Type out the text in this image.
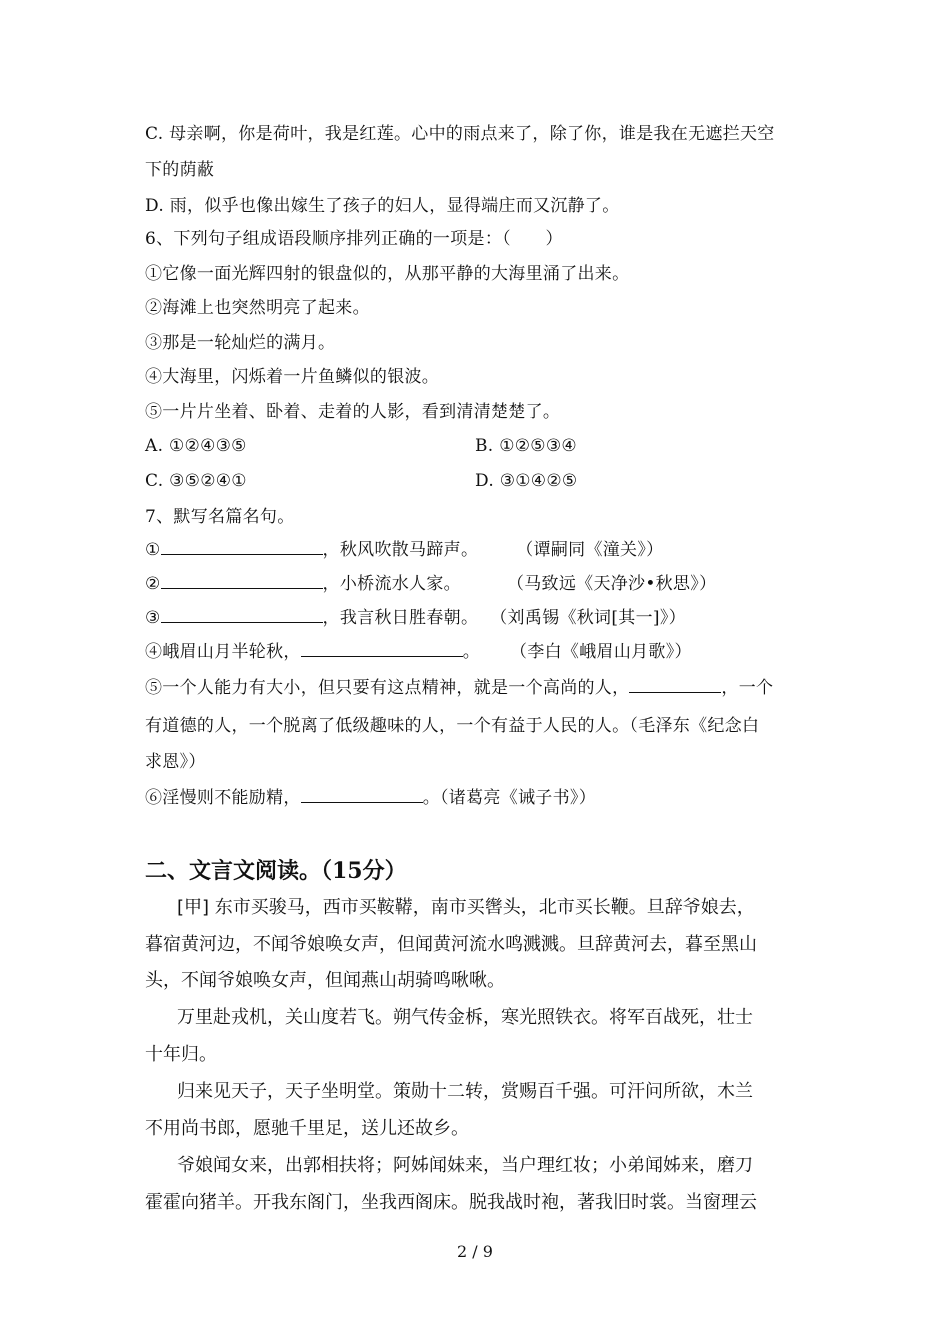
C. 母亲啊，你是荷叶，我是红莲。心中的雨点来了，除了你，谁是我在无遮拦天空
下的荫蔽
D. 雨，似乎也像出嫁生了孩子的妇人，显得端庄而又沉静了。
6、下列句子组成语段顺序排列正确的一项是：（　　）
①它像一面光辉四射的银盘似的，从那平静的大海里涌了出来。
②海滩上也突然明亮了起来。
③那是一轮灿烂的满月。
④大海里，闪烁着一片鱼鳞似的银波。
⑤一片片坐着、卧着、走着的人影，看到清清楚楚了。
A. ①②④③⑤	B. ①②⑤③④
C. ③⑤②④①	D. ③①④②⑤
7、默写名篇名句。
①	，秋风吹散马蹄声。 （谭嗣同《潼关》）
②	，小桥流水人家。	（马致远《天净沙•秋思》）
③	，我言秋日胜春朝。 （刘禹锡《秋词[其一]》）
④峨眉山月半轮秋，	。 （李白《峨眉山月歌》）
⑤一个人能力有大小，但只要有这点精神，就是一个高尚的人，	，一个
有道德的人，一个脱离了低级趣味的人，一个有益于人民的人。（毛泽东《纪念白
求恩》）
⑥淫慢则不能励精，	。（诸葛亮《诫子书》）
二、文言文阅读。（15分）
[甲] 东市买骏马，西市买鞍鞯，南市买辔头，北市买长鞭。旦辞爷娘去，
暮宿黄河边，不闻爷娘唤女声，但闻黄河流水鸣溅溅。旦辞黄河去，暮至黑山
头，不闻爷娘唤女声，但闻燕山胡骑鸣啾啾。
万里赴戎机，关山度若飞。朔气传金柝，寒光照铁衣。将军百战死，壮士
十年归。
归来见天子，天子坐明堂。策勋十二转，赏赐百千强。可汗问所欲，木兰
不用尚书郎，愿驰千里足，送儿还故乡。
爷娘闻女来，出郭相扶将；阿姊闻妹来，当户理红妆；小弟闻姊来，磨刀
霍霍向猪羊。开我东阁门，坐我西阁床。脱我战时袍，著我旧时裳。当窗理云
2 / 9
